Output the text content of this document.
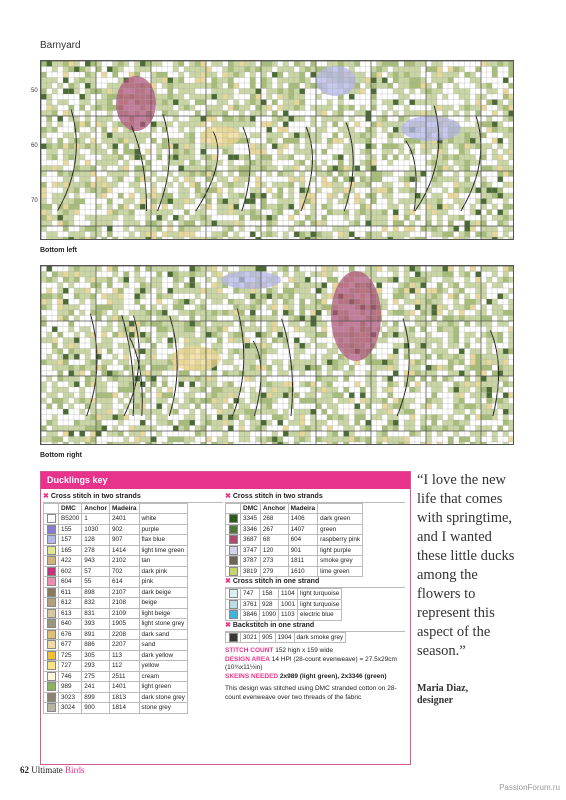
Barnyard
50
60
70
Bottom left
Bottom right
Ducklings key
✖ Cross stitch in two strands
	DMC	Anchor	Madeira	
	B5200	1	2401	white
	155	1030	902	purple
	157	128	907	flax blue
	165	278	1414	light lime green
	422	943	2102	tan
	602	57	702	dark pink
	604	55	614	pink
	611	898	2107	dark beige
	612	832	2108	beige
	613	831	2109	light beige
	640	393	1905	light stone grey
	676	891	2208	dark sand
	677	886	2207	sand
	725	305	113	dark yellow
	727	293	112	yellow
	746	275	2511	cream
	989	241	1401	light green
	3023	899	1813	dark stone grey
	3024	900	1814	stone grey
✖ Cross stitch in two strands
	DMC	Anchor	Madeira	
	3345	268	1406	dark green
	3346	267	1407	green
	3687	68	604	raspberry pink
	3747	120	901	light purple
	3787	273	1811	smoke grey
	3819	279	1610	lime green
✖ Cross stitch in one strand
	747	158	1104	light turquoise
	3761	928	1001	light turquoise
	3846	1090	1103	electric blue
✖ Backstitch in one strand
	3021	905	1904	dark smoke grey
STITCH COUNT 152 high x 159 wide
DESIGN AREA 14 HPI (28-count evenweave) = 27.5x29cm (10¾x11½in)
SKEINS NEEDED 2x989 (light green), 2x3346 (green)
This design was stitched using DMC stranded cotton on 28-count evenweave over two threads of the fabric
“I love the new life that comes with springtime, and I wanted these little ducks among the flowers to represent this aspect of the season.”
Maria Diaz,
designer
62 Ultimate Birds
PassionForum.ru
